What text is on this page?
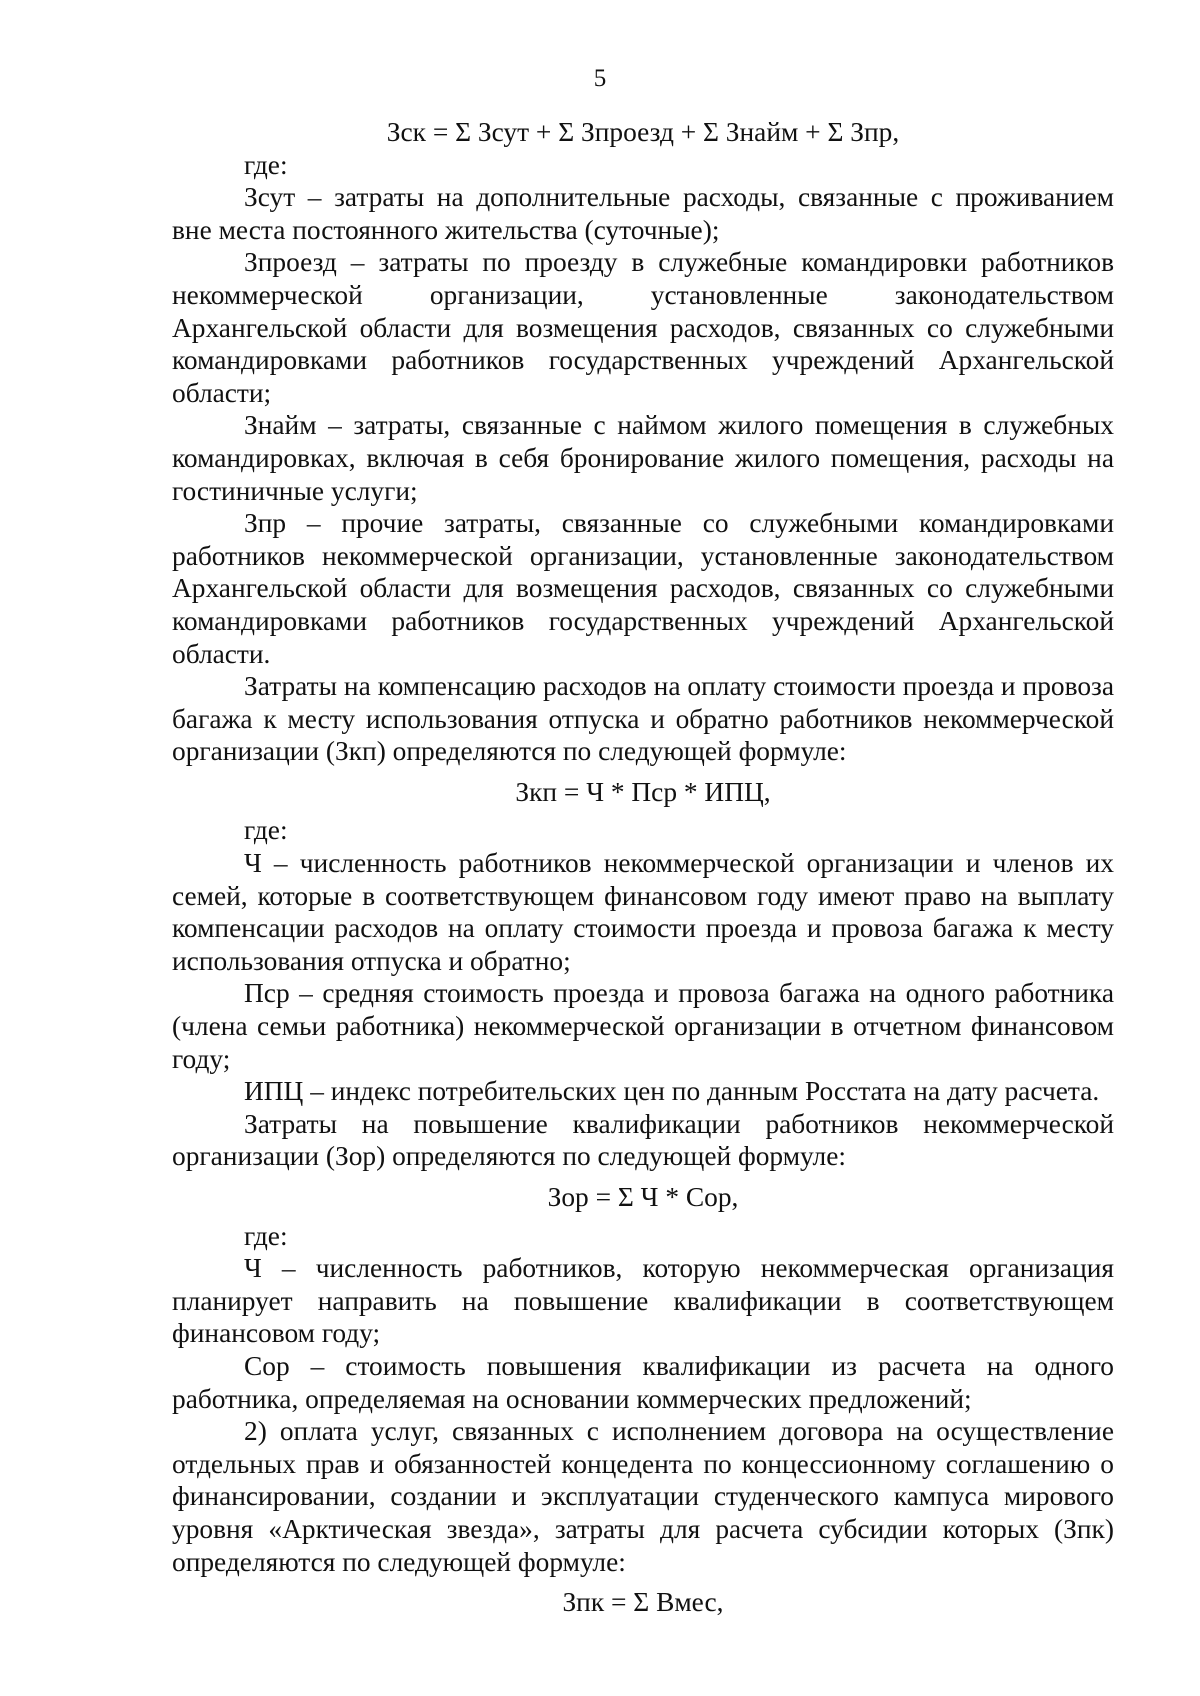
5

Зск = Σ Зсут + Σ Зпроезд + Σ Знайм + Σ Зпр,

где:

Зсут – затраты на дополнительные расходы, связанные с проживанием вне места постоянного жительства (суточные);

Зпроезд – затраты по проезду в служебные командировки работников некоммерческой организации, установленные законодательством Архангельской области для возмещения расходов, связанных со служебными командировками работников государственных учреждений Архангельской области;

Знайм – затраты, связанные с наймом жилого помещения в служебных командировках, включая в себя бронирование жилого помещения, расходы на гостиничные услуги;

Зпр – прочие затраты, связанные со служебными командировками работников некоммерческой организации, установленные законодательством Архангельской области для возмещения расходов, связанных со служебными командировками работников государственных учреждений Архангельской области.

Затраты на компенсацию расходов на оплату стоимости проезда и провоза багажа к месту использования отпуска и обратно работников некоммерческой организации (Зкп) определяются по следующей формуле:

Зкп = Ч * Пср * ИПЦ,

где:

Ч – численность работников некоммерческой организации и членов их семей, которые в соответствующем финансовом году имеют право на выплату компенсации расходов на оплату стоимости проезда и провоза багажа к месту использования отпуска и обратно;

Пср – средняя стоимость проезда и провоза багажа на одного работника (члена семьи работника) некоммерческой организации в отчетном финансовом году;

ИПЦ – индекс потребительских цен по данным Росстата на дату расчета.

Затраты на повышение квалификации работников некоммерческой организации (Зор) определяются по следующей формуле:

Зор = Σ Ч * Сор,

где:

Ч – численность работников, которую некоммерческая организация планирует направить на повышение квалификации в соответствующем финансовом году;

Сор – стоимость повышения квалификации из расчета на одного работника, определяемая на основании коммерческих предложений;

2) оплата услуг, связанных с исполнением договора на осуществление отдельных прав и обязанностей концедента по концессионному соглашению о финансировании, создании и эксплуатации студенческого кампуса мирового уровня «Арктическая звезда», затраты для расчета субсидии которых (Зпк) определяются по следующей формуле:

Зпк = Σ Вмес,
